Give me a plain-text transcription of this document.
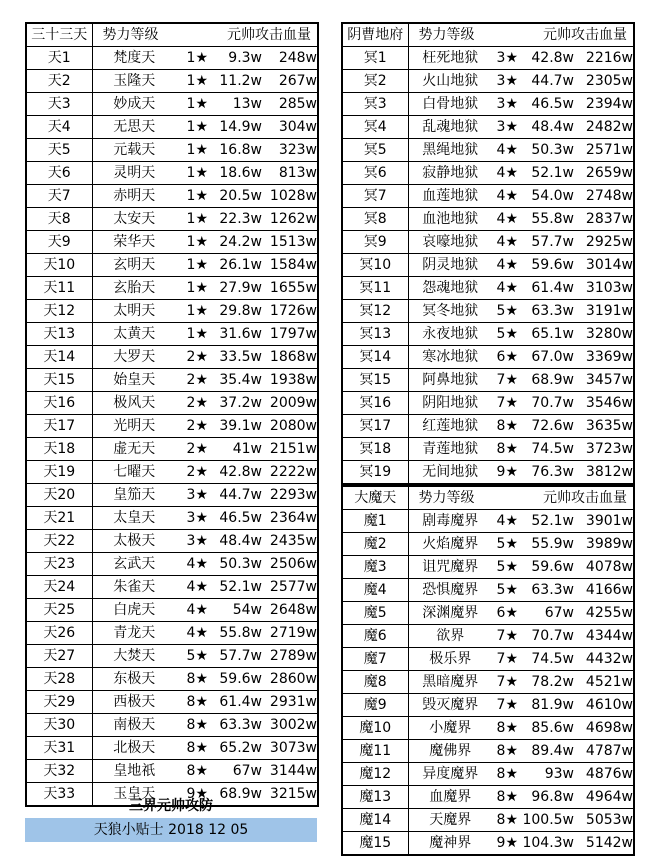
三十三天	势力等级		元帅攻击血量	
天1	梵度天	1★	9.3w	248w
天2	玉隆天	1★	11.2w	267w
天3	妙成天	1★	13w	285w
天4	无思天	1★	14.9w	304w
天5	元载天	1★	16.8w	323w
天6	灵明天	1★	18.6w	813w
天7	赤明天	1★	20.5w	1028w
天8	太安天	1★	22.3w	1262w
天9	荣华天	1★	24.2w	1513w
天10	玄明天	1★	26.1w	1584w
天11	玄胎天	1★	27.9w	1655w
天12	太明天	1★	29.8w	1726w
天13	太黄天	1★	31.6w	1797w
天14	大罗天	2★	33.5w	1868w
天15	始皇天	2★	35.4w	1938w
天16	极风天	2★	37.2w	2009w
天17	光明天	2★	39.1w	2080w
天18	虚无天	2★	41w	2151w
天19	七曜天	2★	42.8w	2222w
天20	皇笳天	3★	44.7w	2293w
天21	太皇天	3★	46.5w	2364w
天22	太极天	3★	48.4w	2435w
天23	玄武天	4★	50.3w	2506w
天24	朱雀天	4★	52.1w	2577w
天25	白虎天	4★	54w	2648w
天26	青龙天	4★	55.8w	2719w
天27	大焚天	5★	57.7w	2789w
天28	东极天	8★	59.6w	2860w
天29	西极天	8★	61.4w	2931w
天30	南极天	8★	63.3w	3002w
天31	北极天	8★	65.2w	3073w
天32	皇地祇	8★	67w	3144w
天33	玉皇天	9★	68.9w	3215w
阴曹地府	势力等级		元帅攻击血量	
冥1	枉死地狱	3★	42.8w	2216w
冥2	火山地狱	3★	44.7w	2305w
冥3	白骨地狱	3★	46.5w	2394w
冥4	乱魂地狱	3★	48.4w	2482w
冥5	黑绳地狱	4★	50.3w	2571w
冥6	寂静地狱	4★	52.1w	2659w
冥7	血莲地狱	4★	54.0w	2748w
冥8	血池地狱	4★	55.8w	2837w
冥9	哀嚎地狱	4★	57.7w	2925w
冥10	阴灵地狱	4★	59.6w	3014w
冥11	怨魂地狱	4★	61.4w	3103w
冥12	冥冬地狱	5★	63.3w	3191w
冥13	永夜地狱	5★	65.1w	3280w
冥14	寒冰地狱	6★	67.0w	3369w
冥15	阿鼻地狱	7★	68.9w	3457w
冥16	阴阳地狱	7★	70.7w	3546w
冥17	红莲地狱	8★	72.6w	3635w
冥18	青莲地狱	8★	74.5w	3723w
冥19	无间地狱	9★	76.3w	3812w
大魔天	势力等级		元帅攻击血量	
魔1	剧毒魔界	4★	52.1w	3901w
魔2	火焰魔界	5★	55.9w	3989w
魔3	诅咒魔界	5★	59.6w	4078w
魔4	恐惧魔界	5★	63.3w	4166w
魔5	深渊魔界	6★	67w	4255w
魔6	欲界	7★	70.7w	4344w
魔7	极乐界	7★	74.5w	4432w
魔8	黑暗魔界	7★	78.2w	4521w
魔9	毁灭魔界	7★	81.9w	4610w
魔10	小魔界	8★	85.6w	4698w
魔11	魔佛界	8★	89.4w	4787w
魔12	异度魔界	8★	93w	4876w
魔13	血魔界	8★	96.8w	4964w
魔14	天魔界	8★	100.5w	5053w
魔15	魔神界	9★	104.3w	5142w
三界元帅攻防
天狼小贴士 2018 12 05
